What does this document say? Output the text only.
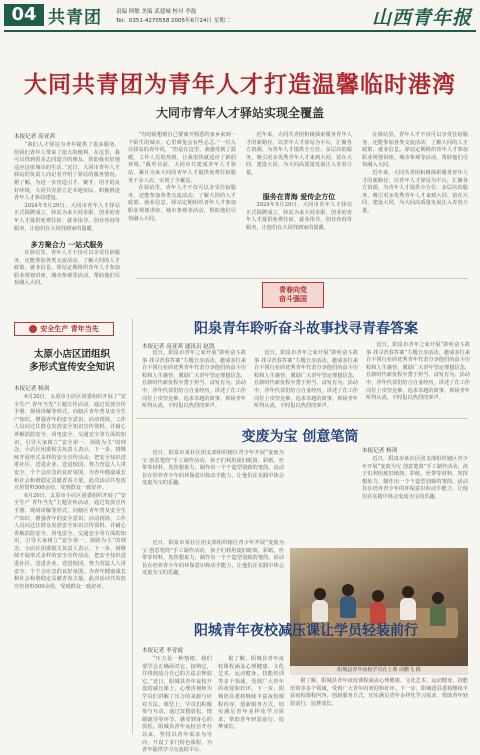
04 共青团	责编 阿敏 美编 武建城 校对 李磊
Tel：0351-4270558 2005年6月24日 星期二	山西青年报
大同共青团为青年人才打造温馨临时港湾
大同市青年人才驿站实现全覆盖
本报记者 高亚茜

“我们人才驿站为青年提供了很多服务，给我们青年人带来了很大的便利，在这里，我可以找到很多志同道合的朋友，帮助我更好地适应这座城市的生活。”近日，大同市青年人才驿站的负责人向记者介绍了驿站的服务情况。据了解，为进一步营造引才、聚才、用才的良好环境，大同共青团立足本地实际，积极推进青年人才驿站建设。

2024年5月29日，大同市青年人才驿站正式揭牌成立，驿站为来大同求职、创业的青年人才提供免费住宿、就业指导、创业咨询等服务，让他们在大同找到家的温暖。

多方聚合力 一站式服务

在驿站里，青年人才不仅可以享受住宿服务，还能参加各类交流活动，了解大同的人才政策、就业信息。驿站定期组织青年人才参加职业规划讲座、城市参观等活动，帮助他们尽快融入大同。

“有时候想到自己要离开熟悉的家乡来到一个陌生的城市，心里难免会有些忐忑。”一位入住驿站的青年说，“但是在这里，我感受到了温暖，工作人员很热情，让我很快就适应了新的环境。”截至目前，大同市共建成青年人才驿站，累计为来大同的青年人才提供免费住宿服务千余人次，实现了全覆盖。

在驿站里，青年人才不仅可以享受住宿服务，还能参加各类交流活动，了解大同的人才政策、就业信息。驿站定期组织青年人才参加职业规划讲座、城市参观等活动，帮助他们尽快融入大同。

近年来，大同共青团积极探索服务青年人才的新路径，以青年人才驿站为平台，汇聚各方资源，为青年人才提供全方位、多层次的服务，吸引更多优秀青年人才来到大同、留在大同、建设大同，为大同高质量发展注入青春力量。

服务在青海 爱传企方位

2024年5月29日，大同市青年人才驿站正式揭牌成立，驿站为来大同求职、创业的青年人才提供免费住宿、就业指导、创业咨询等服务，让他们在大同找到家的温暖。

在驿站里，青年人才不仅可以享受住宿服务，还能参加各类交流活动，了解大同的人才政策、就业信息。驿站定期组织青年人才参加职业规划讲座、城市参观等活动，帮助他们尽快融入大同。

近年来，大同共青团积极探索服务青年人才的新路径，以青年人才驿站为平台，汇聚各方资源，为青年人才提供全方位、多层次的服务，吸引更多优秀青年人才来到大同、留在大同、建设大同，为大同高质量发展注入青春力量。

安全生产 青年当先
太原小店区团组织
多形式宣传安全知识
本报记者 杨剑

6月20日，太原市小店区团委组织开展了“安全生产 青年当先”主题宣传活动，通过发放宣传手册、现场讲解等形式，向辖区青年普及安全生产知识，增强青年的安全意识。活动现场，工作人员向过往群众发放安全知识宣传资料，并耐心讲解消防安全、用电安全、交通安全等方面的知识，引导大家树立“安全第一、预防为主”的理念。小店区团委相关负责人表示，下一步，将继续开展形式多样的安全宣传活动，把安全知识送进社区、送进企业、送进校园，努力营造人人讲安全、个个会应急的良好氛围，为青年健康成长和社会和谐稳定贡献青春力量。此次活动共发放宣传资料500余份，受到群众一致好评。

6月20日，太原市小店区团委组织开展了“安全生产 青年当先”主题宣传活动，通过发放宣传手册、现场讲解等形式，向辖区青年普及安全生产知识，增强青年的安全意识。活动现场，工作人员向过往群众发放安全知识宣传资料，并耐心讲解消防安全、用电安全、交通安全等方面的知识，引导大家树立“安全第一、预防为主”的理念。小店区团委相关负责人表示，下一步，将继续开展形式多样的安全宣传活动，把安全知识送进社区、送进企业、送进校园，努力营造人人讲安全、个个会应急的良好氛围，为青年健康成长和社会和谐稳定贡献青春力量。此次活动共发放宣传资料500余份，受到群众一致好评。

青春向党
奋斗强国
阳泉青年聆听奋斗故事找寻青春答案
本报记者 高亚茜 通讯员 赵凯

近日，阳泉市青年之家开展“聆听奋斗故事 找寻青春答案”主题分享活动，邀请多位来自不同行业的优秀青年代表分享他们的奋斗历程和人生感悟，激励广大青年坚定理想信念，在新时代新征程中勇于担当、奋发有为。活动中，青年代表们结合自身经历，讲述了在工作岗位上攻坚克难、追求卓越的故事，现场青年听得认真，不时报以热烈的掌声。

近日，阳泉市青年之家开展“聆听奋斗故事 找寻青春答案”主题分享活动，邀请多位来自不同行业的优秀青年代表分享他们的奋斗历程和人生感悟，激励广大青年坚定理想信念，在新时代新征程中勇于担当、奋发有为。活动中，青年代表们结合自身经历，讲述了在工作岗位上攻坚克难、追求卓越的故事，现场青年听得认真，不时报以热烈的掌声。

近日，阳泉市青年之家开展“聆听奋斗故事 找寻青春答案”主题分享活动，邀请多位来自不同行业的优秀青年代表分享他们的奋斗历程和人生感悟，激励广大青年坚定理想信念，在新时代新征程中勇于担当、奋发有为。活动中，青年代表们结合自身经历，讲述了在工作岗位上攻坚克难、追求卓越的故事，现场青年听得认真，不时报以热烈的掌声。

变废为宝 创意笔筒

近日，阳泉市某社区团支部组织辖区青少年开展“变废为宝 创意笔筒”手工制作活动，孩子们利用废旧纸筒、彩纸、丝带等材料，发挥想象力，制作出一个个造型别致的笔筒。活动旨在培养青少年的环保意识和动手能力，让他们在实践中体会变废为宝的乐趣。

本报记者 杨剑

近日，阳泉市某社区团支部组织辖区青少年开展“变废为宝 创意笔筒”手工制作活动，孩子们利用废旧纸筒、彩纸、丝带等材料，发挥想象力，制作出一个个造型别致的笔筒。活动旨在培养青少年的环保意识和动手能力，让他们在实践中体会变废为宝的乐趣。

近日，阳泉市某社区团支部组织辖区青少年开展“变废为宝 创意笔筒”手工制作活动，孩子们利用废旧纸筒、彩纸、丝带等材料，发挥想象力，制作出一个个造型别致的笔筒。活动旨在培养青少年的环保意识和动手能力，让他们在实践中体会变废为宝的乐趣。

阳城县青年夜校学员在上课 周鹏飞 摄
阳城青年夜校减压课让学员轻装前行
本报记者 李青霞

“压力是一种情绪，我们要学会正确面对它，接纳它，并找到适合自己的方法去释放它。”近日，阳城县青年夜校开设的减压课上，心理咨询师为学员们讲解了压力的来源与应对方法。课堂上，学员们积极参与互动，通过冥想放松、情绪疏导等环节，感受到身心的放松。阳城县青年夜校自开办以来，坚持以青年需求为导向，开设了多门特色课程，为青年提供学习交流的平台。

据了解，阳城县青年夜校课程涵盖心理健康、文化艺术、运动健身、技能培训等多个领域，受到广大青年的欢迎和好评。下一步，阳城团县委将继续丰富夜校课程内容，创新服务方式，切实满足青年多样化学习需求，帮助青年轻装前行、追梦成长。

据了解，阳城县青年夜校课程涵盖心理健康、文化艺术、运动健身、技能培训等多个领域，受到广大青年的欢迎和好评。下一步，阳城团县委将继续丰富夜校课程内容，创新服务方式，切实满足青年多样化学习需求，帮助青年轻装前行、追梦成长。
